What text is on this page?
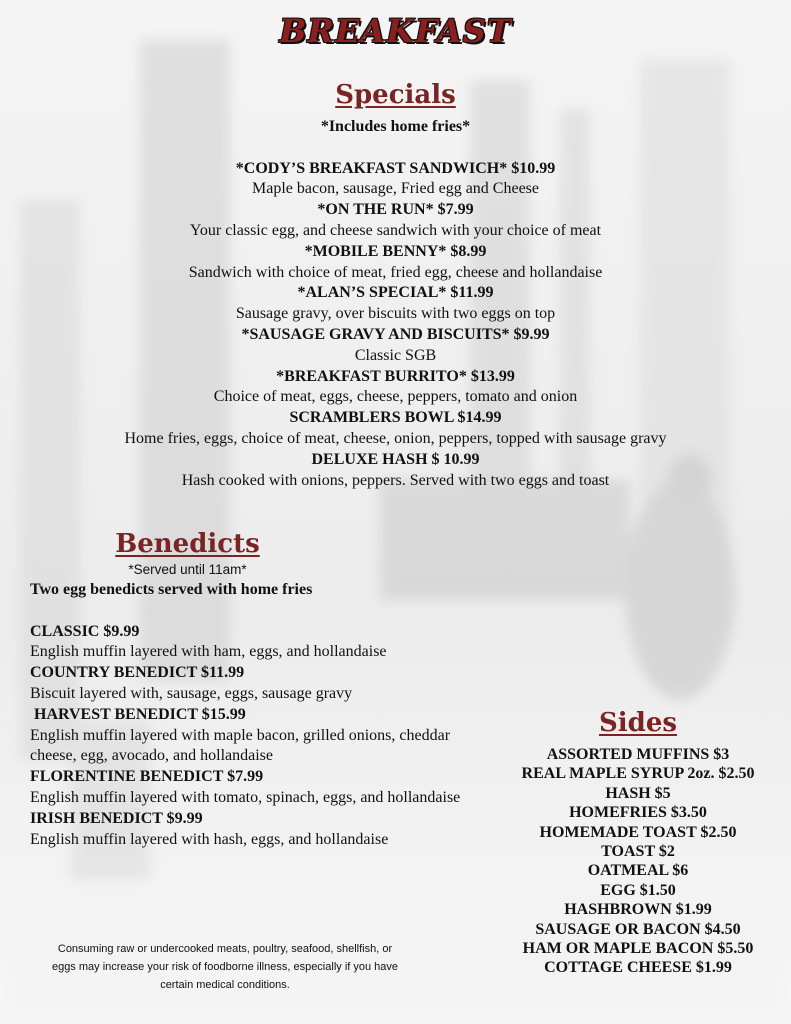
BREAKFAST
Specials
*Includes home fries*

*CODY’S BREAKFAST SANDWICH* $10.99
Maple bacon, sausage, Fried egg and Cheese
*ON THE RUN* $7.99
Your classic egg, and cheese sandwich with your choice of meat
*MOBILE BENNY* $8.99
Sandwich with choice of meat, fried egg, cheese and hollandaise
*ALAN’S SPECIAL* $11.99
Sausage gravy, over biscuits with two eggs on top
*SAUSAGE GRAVY AND BISCUITS* $9.99
Classic SGB
*BREAKFAST BURRITO* $13.99
Choice of meat, eggs, cheese, peppers, tomato and onion
SCRAMBLERS BOWL $14.99
Home fries, eggs, choice of meat, cheese, onion, peppers, topped with sausage gravy
DELUXE HASH $ 10.99
Hash cooked with onions, peppers. Served with two eggs and toast
Benedicts
*Served until 11am*
Two egg benedicts served with home fries

CLASSIC $9.99
English muffin layered with ham, eggs, and hollandaise
COUNTRY BENEDICT $11.99
Biscuit layered with, sausage, eggs, sausage gravy
HARVEST BENEDICT $15.99
English muffin layered with maple bacon, grilled onions, cheddar
cheese, egg, avocado, and hollandaise
FLORENTINE BENEDICT $7.99
English muffin layered with tomato, spinach, eggs, and hollandaise
IRISH BENEDICT $9.99
English muffin layered with hash, eggs, and hollandaise
Sides
ASSORTED MUFFINS $3
REAL MAPLE SYRUP 2oz. $2.50
HASH $5
HOMEFRIES $3.50
HOMEMADE TOAST $2.50
TOAST $2
OATMEAL $6
EGG $1.50
HASHBROWN $1.99
SAUSAGE OR BACON $4.50
HAM OR MAPLE BACON $5.50
COTTAGE CHEESE $1.99
Consuming raw or undercooked meats, poultry, seafood, shellfish, or
eggs may increase your risk of foodborne illness, especially if you have
certain medical conditions.
